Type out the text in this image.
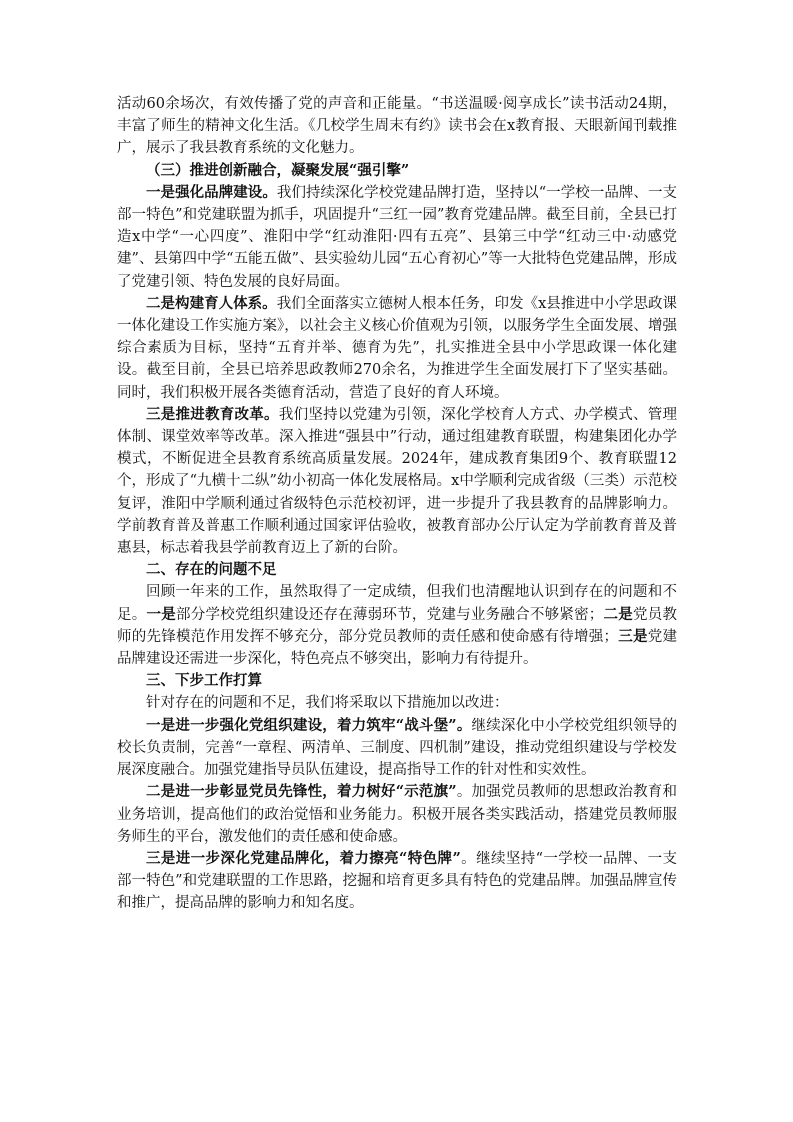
活动60余场次，有效传播了党的声音和正能量。“书送温暖·阅享成长”读书活动24期，丰富了师生的精神文化生活。《几校学生周末有约》读书会在x教育报、天眼新闻刊载推广，展示了我县教育系统的文化魅力。

（三）推进创新融合，凝聚发展“强引擎”

一是强化品牌建设。我们持续深化学校党建品牌打造，坚持以“一学校一品牌、一支部一特色”和党建联盟为抓手，巩固提升“三红一园”教育党建品牌。截至目前，全县已打造x中学“一心四度”、淮阳中学“红动淮阳·四有五亮”、县第三中学“红动三中·动感党建”、县第四中学“五能五做”、县实验幼儿园“五心育初心”等一大批特色党建品牌，形成了党建引领、特色发展的良好局面。

二是构建育人体系。我们全面落实立德树人根本任务，印发《x县推进中小学思政课一体化建设工作实施方案》，以社会主义核心价值观为引领，以服务学生全面发展、增强综合素质为目标，坚持“五育并举、德育为先”，扎实推进全县中小学思政课一体化建设。截至目前，全县已培养思政教师270余名，为推进学生全面发展打下了坚实基础。同时，我们积极开展各类德育活动，营造了良好的育人环境。

三是推进教育改革。我们坚持以党建为引领，深化学校育人方式、办学模式、管理体制、课堂效率等改革。深入推进“强县中”行动，通过组建教育联盟，构建集团化办学模式，不断促进全县教育系统高质量发展。2024年，建成教育集团9个、教育联盟12个，形成了“九横十二纵”幼小初高一体化发展格局。x中学顺利完成省级（三类）示范校复评，淮阳中学顺利通过省级特色示范校初评，进一步提升了我县教育的品牌影响力。学前教育普及普惠工作顺利通过国家评估验收，被教育部办公厅认定为学前教育普及普惠县，标志着我县学前教育迈上了新的台阶。

二、存在的问题不足

回顾一年来的工作，虽然取得了一定成绩，但我们也清醒地认识到存在的问题和不足。一是部分学校党组织建设还存在薄弱环节，党建与业务融合不够紧密；二是党员教师的先锋模范作用发挥不够充分，部分党员教师的责任感和使命感有待增强；三是党建品牌建设还需进一步深化，特色亮点不够突出，影响力有待提升。

三、下步工作打算

针对存在的问题和不足，我们将采取以下措施加以改进：

一是进一步强化党组织建设，着力筑牢“战斗堡”。继续深化中小学校党组织领导的校长负责制，完善“一章程、两清单、三制度、四机制”建设，推动党组织建设与学校发展深度融合。加强党建指导员队伍建设，提高指导工作的针对性和实效性。

二是进一步彰显党员先锋性，着力树好“示范旗”。加强党员教师的思想政治教育和业务培训，提高他们的政治觉悟和业务能力。积极开展各类实践活动，搭建党员教师服务师生的平台，激发他们的责任感和使命感。

三是进一步深化党建品牌化，着力擦亮“特色牌”。继续坚持“一学校一品牌、一支部一特色”和党建联盟的工作思路，挖掘和培育更多具有特色的党建品牌。加强品牌宣传和推广，提高品牌的影响力和知名度。
